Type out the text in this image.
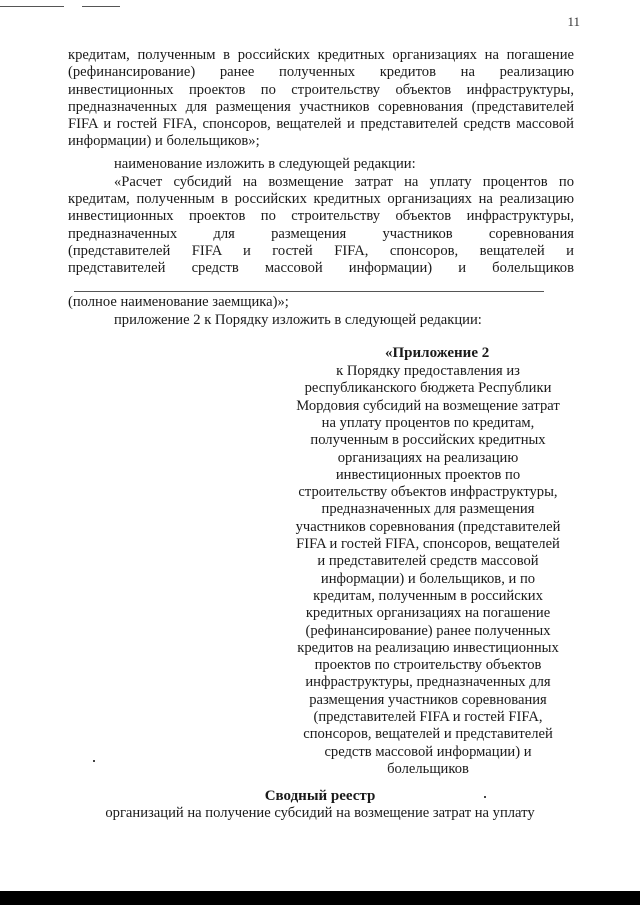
11

кредитам, полученным в российских кредитных организациях на погашение (рефинансирование) ранее полученных кредитов на реализацию инвестиционных проектов по строительству объектов инфраструктуры, предназначенных для размещения участников соревнования (представителей FIFA и гостей FIFA, спонсоров, вещателей и представителей средств массовой информации) и болельщиков»;

наименование изложить в следующей редакции:

«Расчет субсидий на возмещение затрат на уплату процентов по

кредитам, полученным в российских кредитных организациях на реализацию

инвестиционных проектов по строительству объектов инфраструктуры,

предназначенных для размещения участников соревнования

(представителей FIFA и гостей FIFA, спонсоров, вещателей и

представителей средств массовой информации) и болельщиков

(полное наименование заемщика)»;

приложение 2 к Порядку изложить в следующей редакции:

«Приложение 2

к Порядку предоставления из

республиканского бюджета Республики

Мордовия субсидий на возмещение затрат

на уплату процентов по кредитам,

полученным в российских кредитных

организациях на реализацию

инвестиционных проектов по

строительству объектов инфраструктуры,

предназначенных для размещения

участников соревнования (представителей

FIFA и гостей FIFA, спонсоров, вещателей

и представителей средств массовой

информации) и болельщиков, и по

кредитам, полученным в российских

кредитных организациях на погашение

(рефинансирование) ранее полученных

кредитов на реализацию инвестиционных

проектов по строительству объектов

инфраструктуры, предназначенных для

размещения участников соревнования

(представителей FIFA и гостей FIFA,

спонсоров, вещателей и представителей

средств массовой информации) и

болельщиков

Сводный реестр

организаций на получение субсидий на возмещение затрат на уплату
